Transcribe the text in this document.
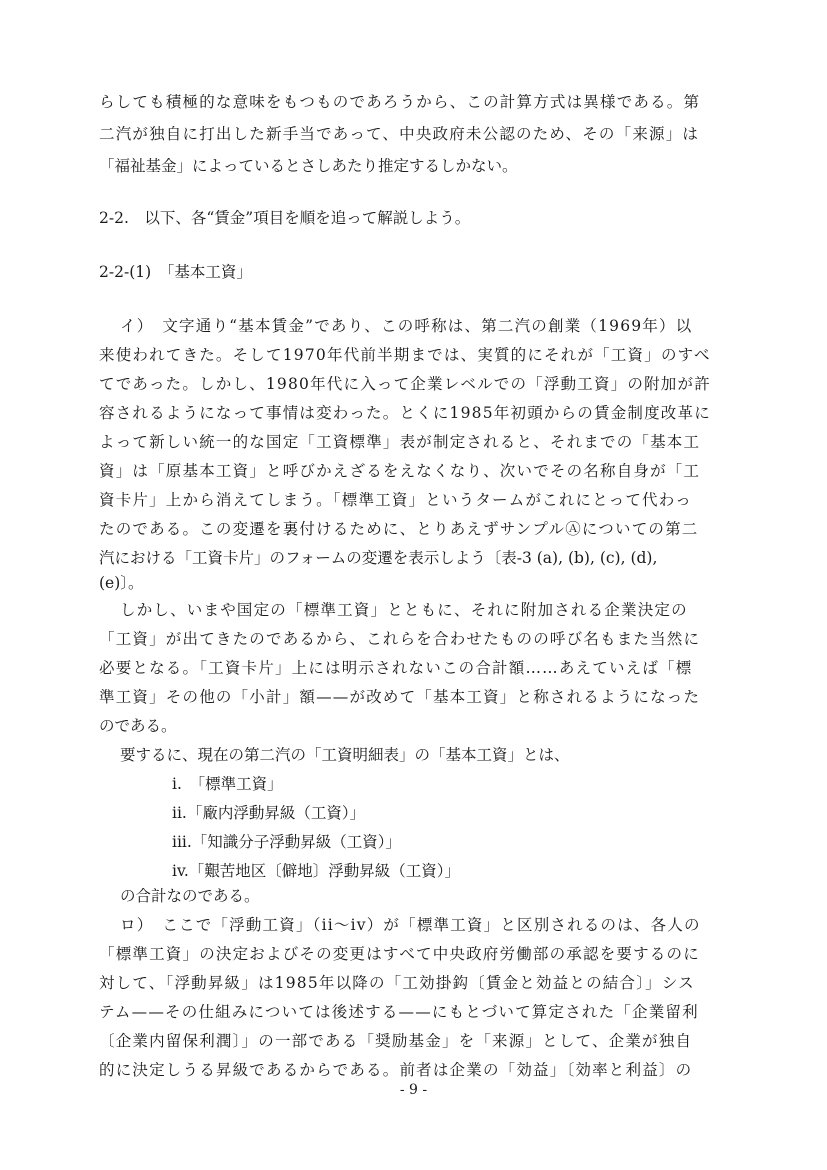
らしても積極的な意味をもつものであろうから、この計算方式は異様である。第

二汽が独自に打出した新手当であって、中央政府未公認のため、その「来源」は

「福祉基金」によっているとさしあたり推定するしかない。

2-2.　以下、各“賃金”項目を順を追って解説しよう。

2-2-(1)　「基本工資」

イ）　文字通り“基本賃金”であり、この呼称は、第二汽の創業（1969年）以

来使われてきた。そして1970年代前半期までは、実質的にそれが「工資」のすべ

てであった。しかし、1980年代に入って企業レベルでの「浮動工資」の附加が許

容されるようになって事情は変わった。とくに1985年初頭からの賃金制度改革に

よって新しい統一的な国定「工資標準」表が制定されると、それまでの「基本工

資」は「原基本工資」と呼びかえざるをえなくなり、次いでその名称自身が「工

資卡片」上から消えてしまう。「標準工資」というタームがこれにとって代わっ

たのである。この変遷を裏付けるために、とりあえずサンプルⒶについての第二

汽における「工資卡片」のフォームの変遷を表示しよう〔表-3 (a), (b), (c), (d),

(e)〕。

しかし、いまや国定の「標準工資」とともに、それに附加される企業決定の

「工資」が出てきたのであるから、これらを合わせたものの呼び名もまた当然に

必要となる。「工資卡片」上には明示されないこの合計額……あえていえば「標

準工資」その他の「小計」額——が改めて「基本工資」と称されるようになった

のである。

要するに、現在の第二汽の「工資明細表」の「基本工資」とは、

i.　「標準工資」

ii.「廠内浮動昇級（工資）」

iii.「知識分子浮動昇級（工資）」

iv.「艱苦地区〔僻地〕浮動昇級（工資）」

の合計なのである。

ロ）　ここで「浮動工資」（ii～iv）が「標準工資」と区別されるのは、各人の

「標準工資」の決定およびその変更はすべて中央政府労働部の承認を要するのに

対して、「浮動昇級」は1985年以降の「工効掛鈎〔賃金と効益との結合〕」シス

テム——その仕組みについては後述する——にもとづいて算定された「企業留利

〔企業内留保利潤〕」の一部である「奨励基金」を「来源」として、企業が独自

的に決定しうる昇級であるからである。前者は企業の「効益」〔効率と利益〕の

- 9 -
